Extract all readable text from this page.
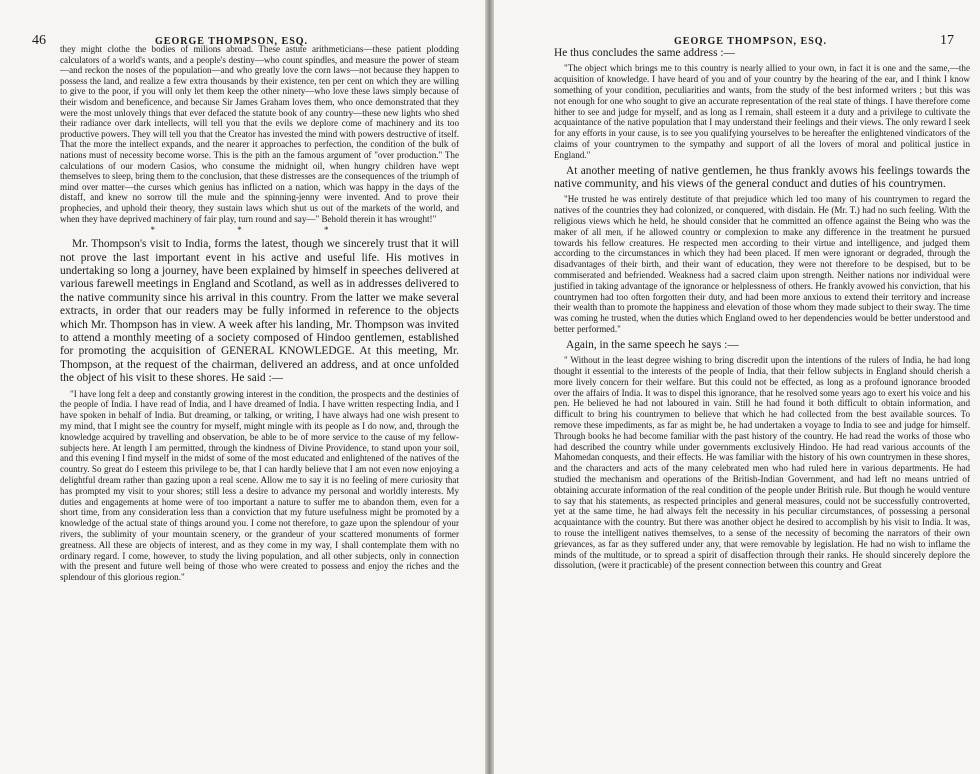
46	GEORGE THOMPSON, ESQ.

they might clothe the bodies of milions abroad. These astute arithmeticians—these patient plodding calculators of a world's wants, and a people's destiny—who count spindles, and measure the power of steam—and reckon the noses of the population—and who greatly love the corn laws—not because they happen to possess the land, and realize a few extra thousands by their existence, ten per cent on which they are willing to give to the poor, if you will only let them keep the other ninety—who love these laws simply because of their wisdom and beneficence, and because Sir James Graham loves them, who once demonstrated that they were the most unlovely things that ever defaced the statute book of any country—these new lights who shed their radiance over dark intellects, will tell you that the evils we deplore come of machinery and its too productive powers. They will tell you that the Creator has invested the mind with powers destructive of itself. That the more the intellect expands, and the nearer it approaches to perfection, the condition of the bulk of nations must of necessity become worse. This is the pith an the famous argument of "over production." The calculations of our modern Casios, who consume the midnight oil, when hungry children have wept themselves to sleep, bring them to the conclusion, that these distresses are the consequences of the triumph of mind over matter—the curses which genius has inflicted on a nation, which was happy in the days of the distaff, and knew no sorrow till the mule and the spinning-jenny were invented. And to prove their prophecies, and uphold their theory, they sustain laws which shut us out of the markets of the world, and when they have deprived machinery of fair play, turn round and say—" Behold therein it has wrought!"

* * *

Mr. Thompson's visit to India, forms the latest, though we sincerely trust that it will not prove the last important event in his active and useful life. His motives in undertaking so long a journey, have been explained by himself in speeches delivered at various farewell meetings in England and Scotland, as well as in addresses delivered to the native community since his arrival in this country. From the latter we make several extracts, in order that our readers may be fully informed in reference to the objects which Mr. Thompson has in view. A week after his landing, Mr. Thompson was invited to attend a monthly meeting of a society composed of Hindoo gentlemen, established for promoting the acquisition of GENERAL KNOWLEDGE. At this meeting, Mr. Thompson, at the request of the chairman, delivered an address, and at once unfolded the object of his visit to these shores. He said :—

"I have long felt a deep and constantly growing interest in the condition, the prospects and the destinies of the people of India. I have read of India, and I have dreamed of India. I have written respecting India, and I have spoken in behalf of India. But dreaming, or talking, or writing, I have always had one wish present to my mind, that I might see the country for myself, might mingle with its people as I do now, and, through the knowledge acquired by travelling and observation, be able to be of more service to the cause of my fellow-subjects here. At length I am permitted, through the kindness of Divine Providence, to stand upon your soil, and this evening I find myself in the midst of some of the most educated and enlightened of the natives of the country. So great do I esteem this privilege to be, that I can hardly believe that I am not even now enjoying a delightful dream rather than gazing upon a real scene. Allow me to say it is no feeling of mere curiosity that has prompted my visit to your shores; still less a desire to advance my personal and worldly interests. My duties and engagements at home were of too important a nature to suffer me to abandon them, even for a short time, from any consideration less than a conviction that my future usefulness might be promoted by a knowledge of the actual state of things around you. I come not therefore, to gaze upon the splendour of your rivers, the sublimity of your mountain scenery, or the grandeur of your scattered monuments of former greatness. All these are objects of interest, and as they come in my way, I shall contemplate them with no ordinary regard. I come, however, to study the living population, and all other subjects, only in connection with the present and future well being of those who were created to possess and enjoy the riches and the splendour of this glorious region."

GEORGE THOMPSON, ESQ.	17

He thus concludes the same address :—

"The object which brings me to this country is nearly allied to your own, in fact it is one and the same,—the acquisition of knowledge. I have heard of you and of your country by the hearing of the ear, and I think I know something of your condition, peculiarities and wants, from the study of the best informed writers ; but this was not enough for one who sought to give an accurate representation of the real state of things. I have therefore come hither to see and judge for myself, and as long as I remain, shall esteem it a duty and a privilege to cultivate the acquaintance of the native population that I may understand their feelings and their views. The only reward I seek for any efforts in your cause, is to see you qualifying yourselves to be hereafter the enlightened vindicators of the claims of your countrymen to the sympathy and support of all the lovers of moral and political justice in England."

At another meeting of native gentlemen, he thus frankly avows his feelings towards the native community, and his views of the general conduct and duties of his countrymen.

"He trusted he was entirely destitute of that prejudice which led too many of his countrymen to regard the natives of the countries they had colonized, or conquered, with disdain. He (Mr. T.) had no such feeling. With the religious views which he held, he should consider that he committed an offence against the Being who was the maker of all men, if he allowed country or complexion to make any difference in the treatment he pursued towards his fellow creatures. He respected men according to their virtue and intelligence, and judged them according to the circumstances in which they had been placed. If men were ignorant or degraded, through the disadvantages of their birth, and their want of education, they were not therefore to be despised, but to be commiserated and befriended. Weakness had a sacred claim upon strength. Neither nations nor individual were justified in taking advantage of the ignorance or helplessness of others. He frankly avowed his conviction, that his countrymen had too often forgotten their duty, and had been more anxious to extend their territory and increase their wealth than to promote the happiness and elevation of those whom they made subject to their sway. The time was coming he trusted, when the duties which England owed to her dependencies would be better understood and better performed."

Again, in the same speech he says :—

" Without in the least degree wishing to bring discredit upon the intentions of the rulers of India, he had long thought it essential to the interests of the people of India, that their fellow subjects in England should cherish a more lively concern for their welfare. But this could not be effected, as long as a profound ignorance brooded over the affairs of India. It was to dispel this ignorance, that he resolved some years ago to exert his voice and his pen. He believed he had not laboured in vain. Still he had found it both difficult to obtain information, and difficult to bring his countrymen to believe that which he had collected from the best available sources. To remove these impediments, as far as might be, he had undertaken a voyage to India to see and judge for himself. Through books he had become familiar with the past history of the country. He had read the works of those who had described the country while under governments exclusively Hindoo. He had read various accounts of the Mahomedan conquests, and their effects. He was familiar with the history of his own countrymen in these shores, and the characters and acts of the many celebrated men who had ruled here in various departments. He had studied the mechanism and operations of the British-Indian Government, and had left no means untried of obtaining accurate information of the real condition of the people under British rule. But though he would venture to say that his statements, as respected principles and general measures, could not be successfully controverted, yet at the same time, he had always felt the necessity in his peculiar circumstances, of possessing a personal acquaintance with the country. But there was another object he desired to accomplish by his visit to India. It was, to rouse the intelligent natives themselves, to a sense of the necessity of becoming the narrators of their own grievances, as far as they suffered under any, that were removable by legislation. He had no wish to inflame the minds of the multitude, or to spread a spirit of disaffection through their ranks. He should sincerely deplore the dissolution, (were it practicable) of the present connection between this country and Great
